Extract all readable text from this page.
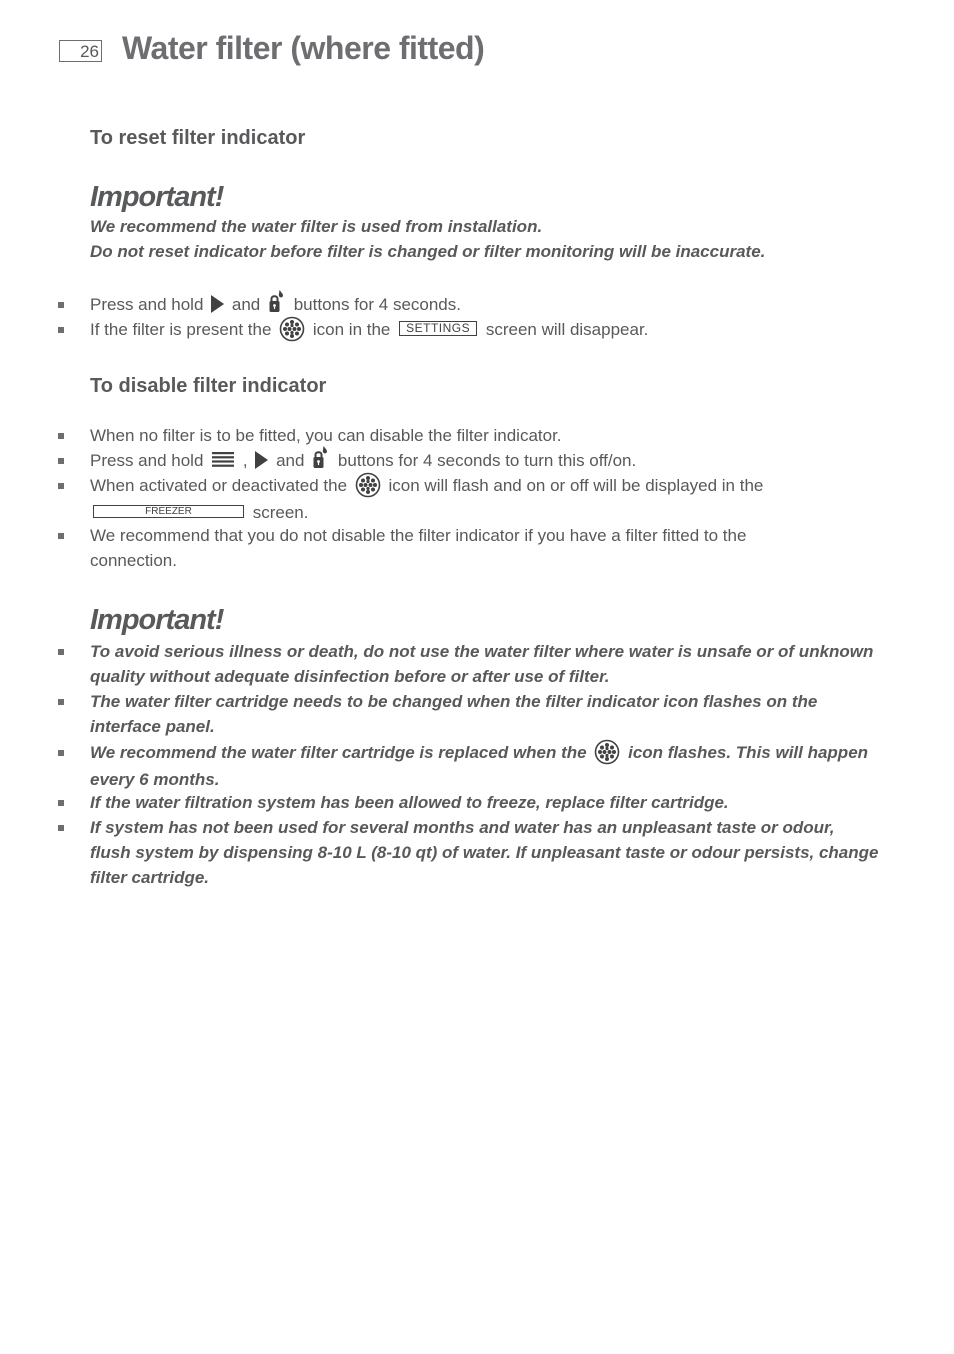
26 Water filter (where fitted)
To reset filter indicator
Important!
We recommend the water filter is used from installation.
Do not reset indicator before filter is changed or filter monitoring will be inaccurate.
Press and hold and buttons for 4 seconds.
If the filter is present the icon in the SETTINGS screen will disappear.
To disable filter indicator
When no filter is to be fitted, you can disable the filter indicator.
Press and hold , and buttons for 4 seconds to turn this off/on.
When activated or deactivated the icon will flash and on or off will be displayed in the
FREEZER	screen.
We recommend that you do not disable the filter indicator if you have a filter fitted to the
connection.
Important!
To avoid serious illness or death, do not use the water filter where water is unsafe or of unknown
quality without adequate disinfection before or after use of filter.
The water filter cartridge needs to be changed when the filter indicator icon flashes on the
interface panel.
We recommend the water filter cartridge is replaced when the icon flashes. This will happen
every 6 months.
If the water filtration system has been allowed to freeze, replace filter cartridge.
If system has not been used for several months and water has an unpleasant taste or odour,
flush system by dispensing 8-10 L (8-10 qt) of water. If unpleasant taste or odour persists, change
filter cartridge.
